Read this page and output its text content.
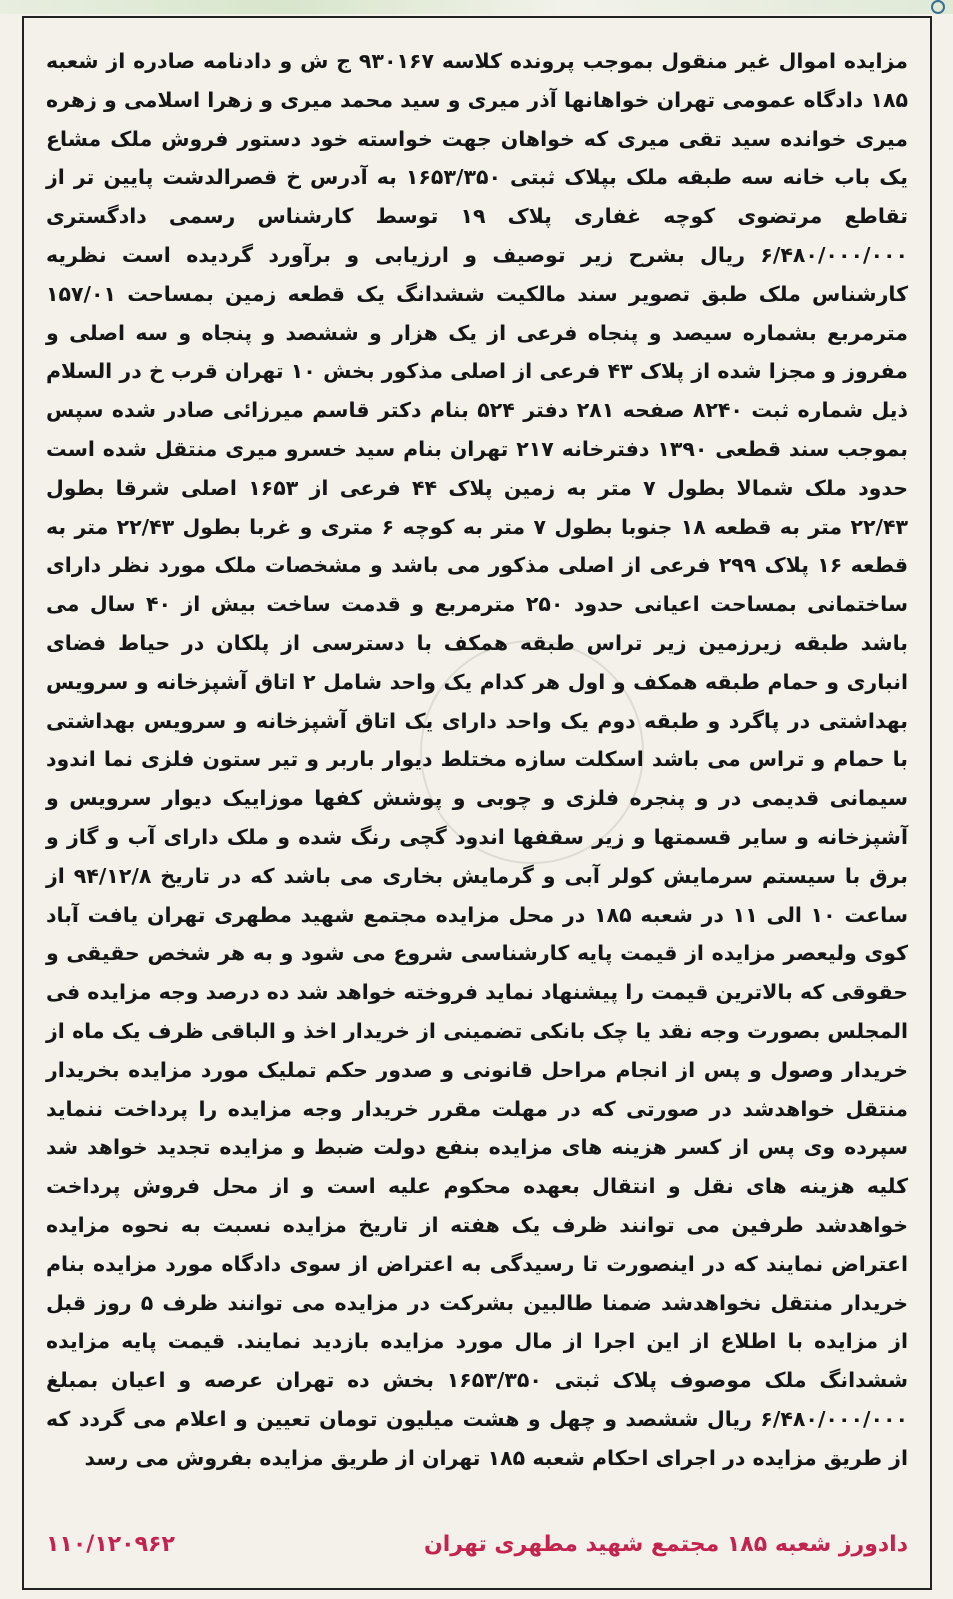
مزایده اموال غیر منقول بموجب پرونده کلاسه ۹۳۰۱۶۷ ج ش و دادنامه صادره از شعبه ۱۸۵ دادگاه عمومی تهران خواهانها آذر میری و سید محمد میری و زهرا اسلامی و زهره میری خوانده سید تقی میری که خواهان جهت خواسته خود دستور فروش ملک مشاع یک باب خانه سه طبقه ملک بپلاک ثبتی ۱۶۵۳/۳۵۰ به آدرس خ قصرالدشت پایین تر از تقاطع مرتضوی کوچه غفاری پلاک ۱۹ توسط کارشناس رسمی دادگستری ۶/۴۸۰/۰۰۰/۰۰۰ ریال بشرح زیر توصیف و ارزیابی و برآورد گردیده است نظریه کارشناس ملک طبق تصویر سند مالکیت ششدانگ یک قطعه زمین بمساحت ۱۵۷/۰۱ مترمربع بشماره سیصد و پنجاه فرعی از یک هزار و ششصد و پنجاه و سه اصلی و مفروز و مجزا شده از پلاک ۴۳ فرعی از اصلی مذکور بخش ۱۰ تهران قرب خ در السلام ذیل شماره ثبت ۸۲۴۰ صفحه ۲۸۱ دفتر ۵۲۴ بنام دکتر قاسم میرزائی صادر شده سپس بموجب سند قطعی ۱۳۹۰ دفترخانه ۲۱۷ تهران بنام سید خسرو میری منتقل شده است حدود ملک شمالا بطول ۷ متر به زمین پلاک ۴۴ فرعی از ۱۶۵۳ اصلی شرقا بطول ۲۲/۴۳ متر به قطعه ۱۸ جنوبا بطول ۷ متر به کوچه ۶ متری و غربا بطول ۲۲/۴۳ متر به قطعه ۱۶ پلاک ۲۹۹ فرعی از اصلی مذکور می باشد و مشخصات ملک مورد نظر دارای ساختمانی بمساحت اعیانی حدود ۲۵۰ مترمربع و قدمت ساخت بیش از ۴۰ سال می باشد طبقه زیرزمین زیر تراس طبقه همکف با دسترسی از پلکان در حیاط فضای انباری و حمام طبقه همکف و اول هر کدام یک واحد شامل ۲ اتاق آشپزخانه و سرویس بهداشتی در پاگرد و طبقه دوم یک واحد دارای یک اتاق آشپزخانه و سرویس بهداشتی با حمام و تراس می باشد اسکلت سازه مختلط دیوار باربر و تیر ستون فلزی نما اندود سیمانی قدیمی در و پنجره فلزی و چوبی و پوشش کفها موزاییک دیوار سرویس و آشپزخانه و سایر قسمتها و زیر سقفها اندود گچی رنگ شده و ملک دارای آب و گاز و برق با سیستم سرمایش کولر آبی و گرمایش بخاری می باشد که در تاریخ ۹۴/۱۲/۸ از ساعت ۱۰ الی ۱۱ در شعبه ۱۸۵ در محل مزایده مجتمع شهید مطهری تهران یافت آباد کوی ولیعصر مزایده از قیمت پایه کارشناسی شروع می شود و به هر شخص حقیقی و حقوقی که بالاترین قیمت را پیشنهاد نماید فروخته خواهد شد ده درصد وجه مزایده فی المجلس بصورت وجه نقد یا چک بانکی تضمینی از خریدار اخذ و الباقی ظرف یک ماه از خریدار وصول و پس از انجام مراحل قانونی و صدور حکم تملیک مورد مزایده بخریدار منتقل خواهدشد در صورتی که در مهلت مقرر خریدار وجه مزایده را پرداخت ننماید سپرده وی پس از کسر هزینه های مزایده بنفع دولت ضبط و مزایده تجدید خواهد شد کلیه هزینه های نقل و انتقال بعهده محکوم علیه است و از محل فروش پرداخت خواهدشد طرفین می توانند ظرف یک هفته از تاریخ مزایده نسبت به نحوه مزایده اعتراض نمایند که در اینصورت تا رسیدگی به اعتراض از سوی دادگاه مورد مزایده بنام خریدار منتقل نخواهدشد ضمنا طالبین بشرکت در مزایده می توانند ظرف ۵ روز قبل از مزایده با اطلاع از این اجرا از مال مورد مزایده بازدید نمایند. قیمت پایه مزایده ششدانگ ملک موصوف پلاک ثبتی ۱۶۵۳/۳۵۰ بخش ده تهران عرصه و اعیان بمبلغ ۶/۴۸۰/۰۰۰/۰۰۰ ریال ششصد و چهل و هشت میلیون تومان تعیین و اعلام می گردد که از طریق مزایده در اجرای احکام شعبه ۱۸۵ تهران از طریق مزایده بفروش می رسد

دادورز شعبه ۱۸۵ مجتمع شهید مطهری تهران
۱۱۰/۱۲۰۹۶۲
